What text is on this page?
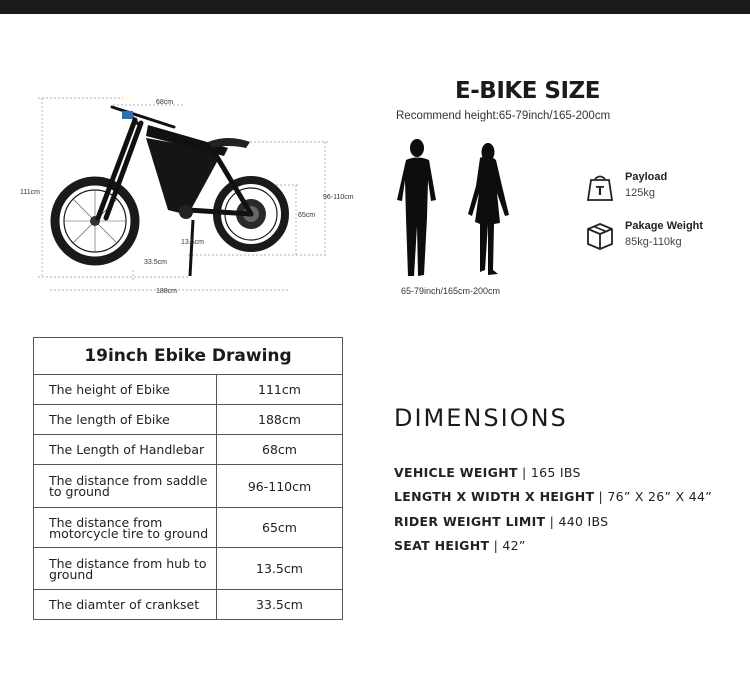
68cm
111cm
96-110cm
65cm
13.5cm
33.5cm
188cm
E-BIKE SIZE
Recommend height:65-79inch/165-200cm
65-79inch/165cm-200cm
T
Payload
125kg
Pakage Weight
85kg-110kg
19inch Ebike Drawing
The height of Ebike	111cm
The length of Ebike	188cm
The Length of Handlebar	68cm
The distance from saddle to ground	96-110cm
The distance from motorcycle tire to ground	65cm
The distance from hub to ground	13.5cm
The diamter of crankset	33.5cm
DIMENSIONS
VEHICLE WEIGHT | 165 IBS
LENGTH X WIDTH X HEIGHT | 76” X 26” X 44”
RIDER WEIGHT LIMIT | 440 IBS
SEAT HEIGHT | 42”
